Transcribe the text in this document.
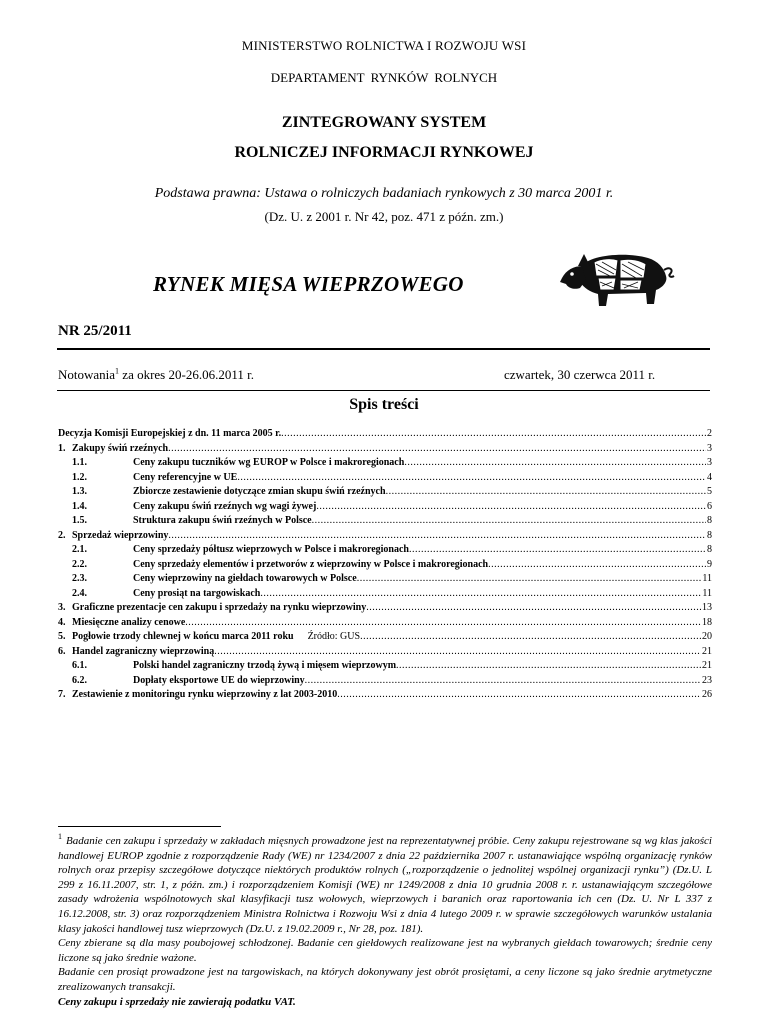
MINISTERSTWO ROLNICTWA I ROZWOJU WSI
DEPARTAMENT RYNKÓW ROLNYCH
ZINTEGROWANY SYSTEM
ROLNICZEJ INFORMACJI RYNKOWEJ
Podstawa prawna: Ustawa o rolniczych badaniach rynkowych z 30 marca 2001 r.
(Dz. U. z 2001 r. Nr 42, poz. 471 z późn. zm.)
RYNEK MIĘSA WIEPRZOWEGO
NR 25/2011
Notowania$^1$ za okres 20-26.06.2011 r.	czwartek, 30 czerwca 2011 r.
Spis treści
Decyzja Komisji Europejskiej z dn. 11 marca 2005 r. .....	2
1. Zakupy świń rzeźnych .....	3
1.1.	Ceny zakupu tuczników wg EUROP w Polsce i makroregionach .....	3
1.2.	Ceny referencyjne w UE .....	4
1.3.	Zbiorcze zestawienie dotyczące zmian skupu świń rzeźnych .....	5
1.4.	Ceny zakupu świń rzeźnych wg wagi żywej .....	6
1.5.	Struktura zakupu świń rzeźnych w Polsce .....	8
2. Sprzedaż wieprzowiny .....	8
2.1.	Ceny sprzedaży półtusz wieprzowych w Polsce i makroregionach .....	8
2.2.	Ceny sprzedaży elementów i przetworów z wieprzowiny w Polsce i makroregionach .....	9
2.3.	Ceny wieprzowiny na giełdach towarowych w Polsce .....	11
2.4.	Ceny prosiąt na targowiskach .....	11
3. Graficzne prezentacje cen zakupu i sprzedaży na rynku wieprzowiny .....	13
4. Miesięczne analizy cenowe .....	18
5. Pogłowie trzody chlewnej w końcu marca 2011 roku Źródło: GUS .....	20
6. Handel zagraniczny wieprzowiną .....	21
6.1.	Polski handel zagraniczny trzodą żywą i mięsem wieprzowym .....	21
6.2.	Dopłaty eksportowe UE do wieprzowiny .....	23
7. Zestawienie z monitoringu rynku wieprzowiny z lat 2003-2010 .....	26

$^1$ Badanie cen zakupu i sprzedaży w zakładach mięsnych prowadzone jest na reprezentatywnej próbie. Ceny zakupu rejestrowane są wg klas jakości handlowej EUROP zgodnie z rozporządzenie Rady (WE) nr 1234/2007 z dnia 22 października 2007 r. ustanawiające wspólną organizację rynków rolnych oraz przepisy szczegółowe dotyczące niektórych produktów rolnych („rozporządzenie o jednolitej wspólnej organizacji rynku”) (Dz.U. L 299 z 16.11.2007, str. 1, z późn. zm.) i rozporządzeniem Komisji (WE) nr 1249/2008 z dnia 10 grudnia 2008 r. r. ustanawiającym szczegółowe zasady wdrożenia wspólnotowych skal klasyfikacji tusz wołowych, wieprzowych i baranich oraz raportowania ich cen (Dz. U. Nr L 337 z 16.12.2008, str. 3) oraz rozporządzeniem Ministra Rolnictwa i Rozwoju Wsi z dnia 4 lutego 2009 r. w sprawie szczegółowych warunków ustalania klasy jakości handlowej tusz wieprzowych (Dz.U. z 19.02.2009 r., Nr 28, poz. 181).

Ceny zbierane są dla masy poubojowej schłodzonej. Badanie cen giełdowych realizowane jest na wybranych giełdach towarowych; średnie ceny liczone są jako średnie ważone.

Badanie cen prosiąt prowadzone jest na targowiskach, na których dokonywany jest obrót prosiętami, a ceny liczone są jako średnie arytmetyczne zrealizowanych transakcji.

Ceny zakupu i sprzedaży nie zawierają podatku VAT.
